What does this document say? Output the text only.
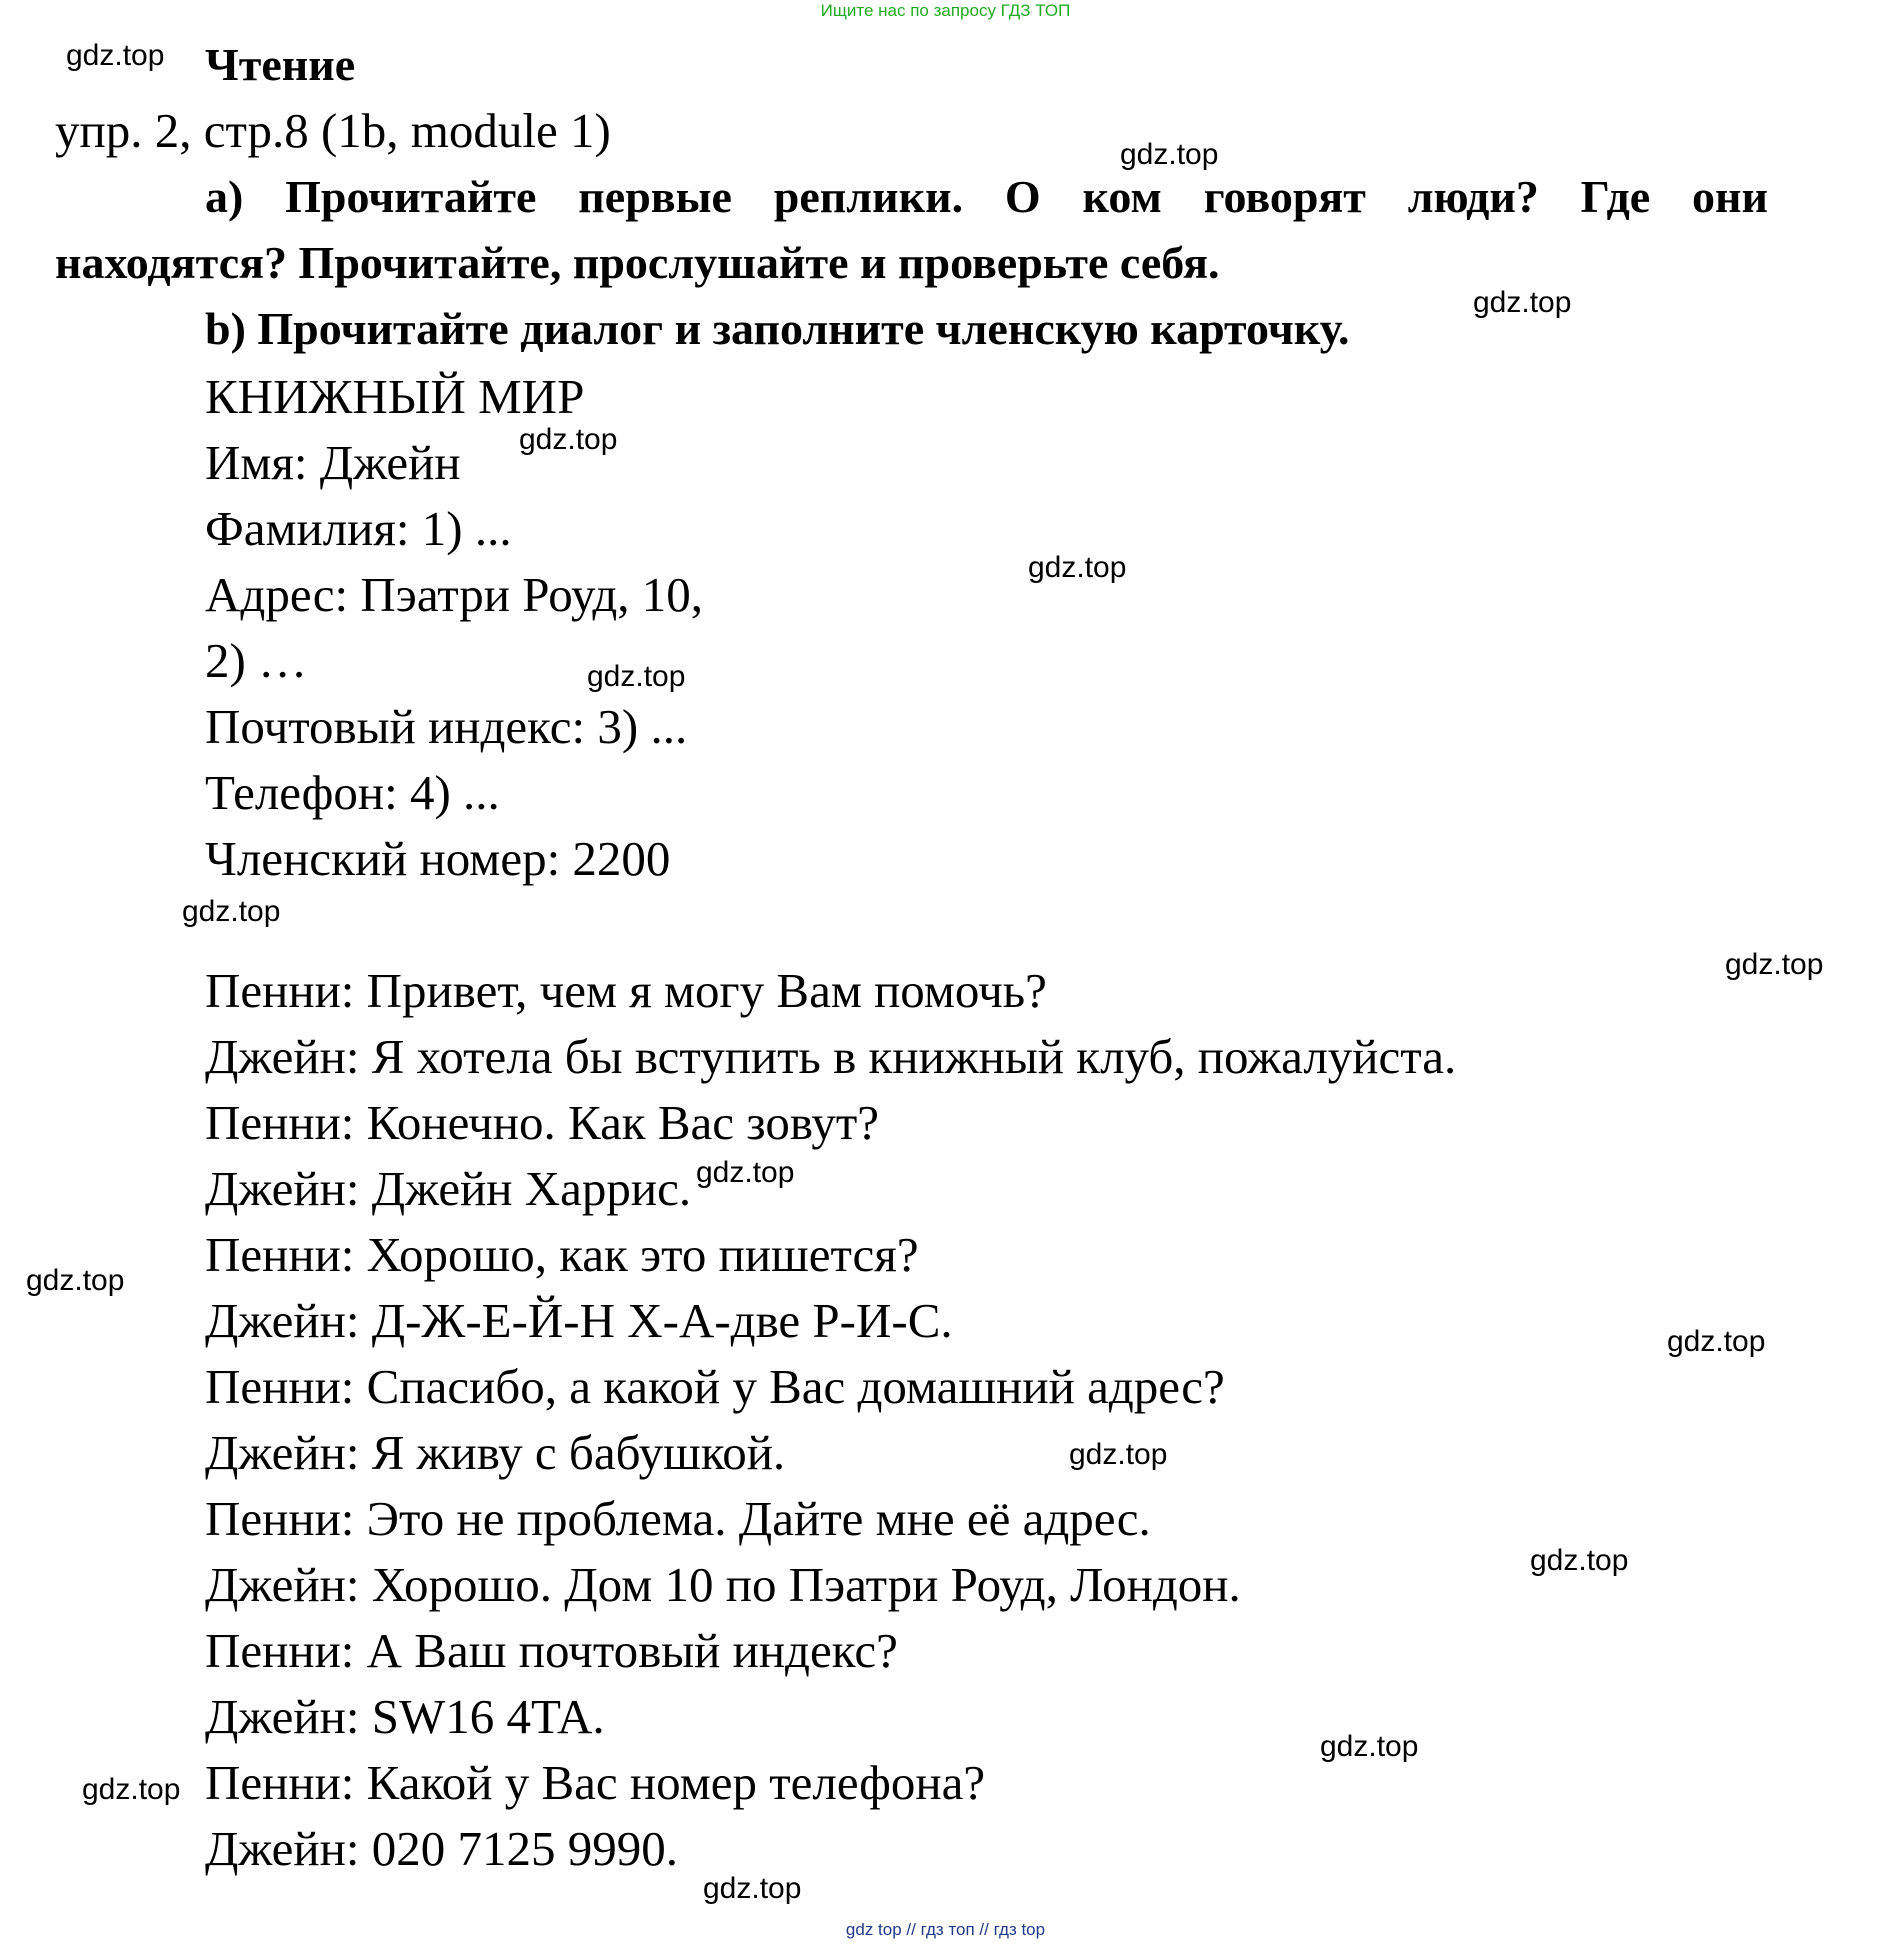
Ищите нас по запросу ГДЗ ТОП
Чтение
упр. 2, стр.8 (1b, module 1)
a) Прочитайте первые реплики. О ком говорят люди? Где они
находятся? Прочитайте, прослушайте и проверьте себя.
b) Прочитайте диалог и заполните членскую карточку.
КНИЖНЫЙ МИР
Имя: Джейн
Фамилия: 1) ...
Адрес: Пэатри Роуд, 10,
2) …
Почтовый индекс: 3) ...
Телефон: 4) ...
Членский номер: 2200
Пенни: Привет, чем я могу Вам помочь?
Джейн: Я хотела бы вступить в книжный клуб, пожалуйста.
Пенни: Конечно. Как Вас зовут?
Джейн: Джейн Харрис.
Пенни: Хорошо, как это пишется?
Джейн: Д-Ж-Е-Й-Н Х-А-две Р-И-С.
Пенни: Спасибо, а какой у Вас домашний адрес?
Джейн: Я живу с бабушкой.
Пенни: Это не проблема. Дайте мне её адрес.
Джейн: Хорошо. Дом 10 по Пэатри Роуд, Лондон.
Пенни: А Ваш почтовый индекс?
Джейн: SW16 4TA.
Пенни: Какой у Вас номер телефона?
Джейн: 020 7125 9990.
gdz.top
gdz.top
gdz.top
gdz.top
gdz.top
gdz.top
gdz.top
gdz.top
gdz.top
gdz.top
gdz.top
gdz.top
gdz.top
gdz.top
gdz.top
gdz.top
gdz top // гдз топ // гдз top
